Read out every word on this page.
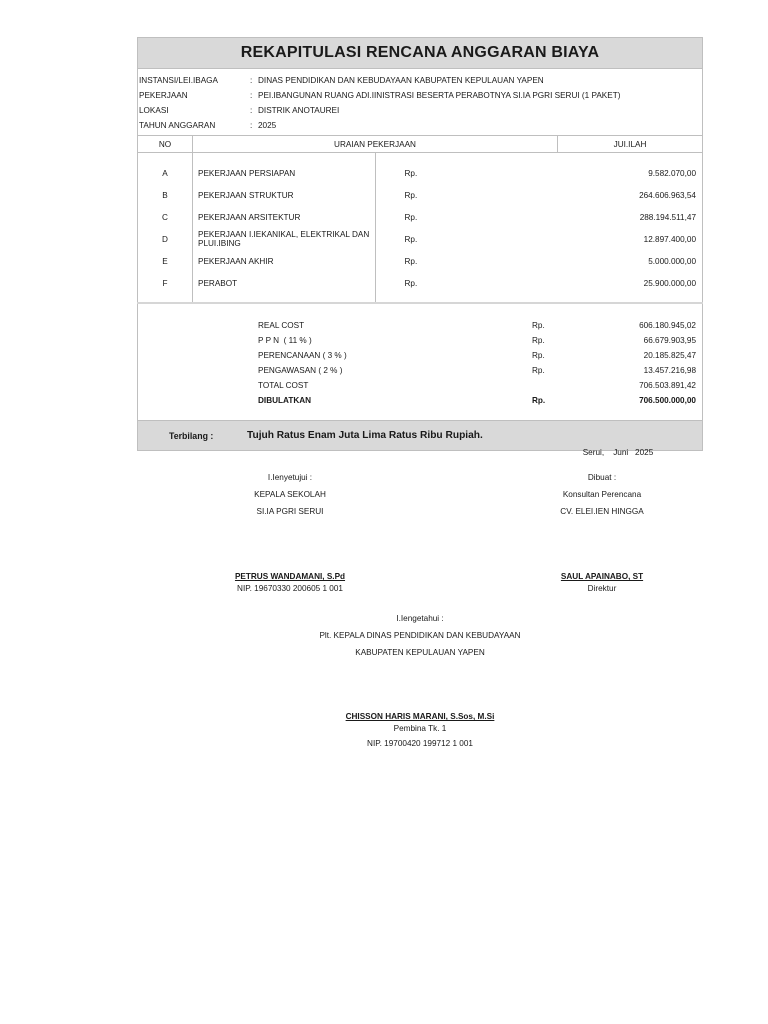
REKAPITULASI RENCANA ANGGARAN BIAYA
INSTANSI/LEI.IBAGA	: DINAS PENDIDIKAN DAN KEBUDAYAAN KABUPATEN KEPULAUAN YAPEN
PEKERJAAN	: PEI.IBANGUNAN RUANG ADI.IINISTRASI BESERTA PERABOTNYA SI.IA PGRI SERUI (1 PAKET)
LOKASI	: DISTRIK ANOTAUREI
TAHUN ANGGARAN	: 2025
NO	URAIAN PEKERJAAN		JUI.ILAH

A	PEKERJAAN PERSIAPAN	Rp.	9.582.070,00
B	PEKERJAAN STRUKTUR	Rp.	264.606.963,54
C	PEKERJAAN ARSITEKTUR	Rp.	288.194.511,47
D	PEKERJAAN I.IEKANIKAL, ELEKTRIKAL DAN PLUI.IBING	Rp.	12.897.400,00
E	PEKERJAAN AKHIR	Rp.	5.000.000,00
F	PERABOT	Rp.	25.900.000,00

REAL COST	Rp.	606.180.945,02
P P N  ( 11 % )	Rp.	66.679.903,95
PERENCANAAN ( 3 % )	Rp.	20.185.825,47
PENGAWASAN ( 2 % )	Rp.	13.457.216,98
TOTAL COST	706.503.891,42
DIBULATKAN	Rp.	706.500.000,00
Terbilang :	Tujuh Ratus Enam Juta Lima Ratus Ribu Rupiah.
Serui,    Juni   2025
I.Ienyetujui :
KEPALA SEKOLAH
SI.IA PGRI SERUI
PETRUS WANDAMANI, S.Pd
NIP. 19670330 200605 1 001
Dibuat :
Konsultan Perencana
CV. ELEI.IEN HINGGA
SAUL APAINABO, ST
Direktur
I.Iengetahui :
Plt. KEPALA DINAS PENDIDIKAN DAN KEBUDAYAAN
KABUPATEN KEPULAUAN YAPEN
CHISSON HARIS MARANI, S.Sos, M.Si
Pembina Tk. 1
NIP. 19700420 199712 1 001
